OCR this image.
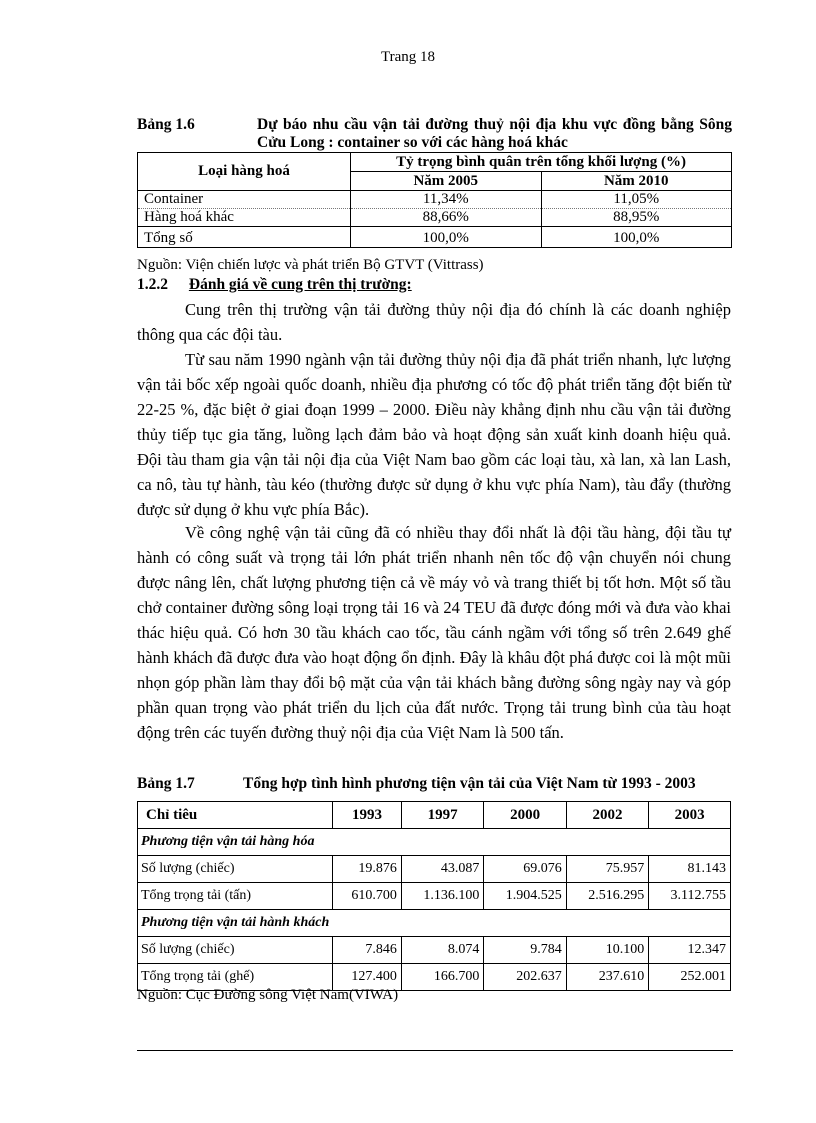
Trang 18
Bảng 1.6	Dự báo nhu cầu vận tải đường thuỷ nội địa khu vực đồng bằng Sông Cửu Long : container so với các hàng hoá khác
Loại hàng hoá	Tỷ trọng bình quân trên tổng khối lượng (%)	
	Năm 2005	Năm 2010
Container	11,34%	11,05%
Hàng hoá khác	88,66%	88,95%
Tổng số	100,0%	100,0%
Nguồn: Viện chiến lược và phát triển Bộ GTVT (Vittrass)
1.2.2 Đánh giá về cung trên thị trường:

Cung trên thị trường vận tải đường thủy nội địa đó chính là các doanh nghiệp thông qua các đội tàu.

Từ sau năm 1990 ngành vận tải đường thủy nội địa đã phát triển nhanh, lực lượng vận tải bốc xếp ngoài quốc doanh, nhiều địa phương có tốc độ phát triển tăng đột biến từ 22-25 %, đặc biệt ở giai đoạn 1999 – 2000. Điều này khẳng định nhu cầu vận tải đường thủy tiếp tục gia tăng, luồng lạch đảm bảo và hoạt động sản xuất kinh doanh hiệu quả. Đội tàu tham gia vận tải nội địa của Việt Nam bao gồm các loại tàu, xà lan, xà lan Lash, ca nô, tàu tự hành, tàu kéo (thường được sử dụng ở khu vực phía Nam), tàu đẩy (thường được sử dụng ở khu vực phía Bắc).

Về công nghệ vận tải cũng đã có nhiều thay đổi nhất là đội tầu hàng, đội tầu tự hành có công suất và trọng tải lớn phát triển nhanh nên tốc độ vận chuyển nói chung được nâng lên, chất lượng phương tiện cả về máy vỏ và trang thiết bị tốt hơn. Một số tầu chở container đường sông loại trọng tải 16 và 24 TEU đã được đóng mới và đưa vào khai thác hiệu quả. Có hơn 30 tầu khách cao tốc, tầu cánh ngầm với tổng số trên 2.649 ghế hành khách đã được đưa vào hoạt động ổn định. Đây là khâu đột phá được coi là một mũi nhọn góp phần làm thay đổi bộ mặt của vận tải khách bằng đường sông ngày nay và góp phần quan trọng vào phát triển du lịch của đất nước. Trọng tải trung bình của tàu hoạt động trên các tuyến đường thuỷ nội địa của Việt Nam là 500 tấn.

Bảng 1.7	Tổng hợp tình hình phương tiện vận tải của Việt Nam từ 1993 - 2003
Chỉ tiêu	1993	1997	2000	2002	2003
Phương tiện vận tải hàng hóa					
Số lượng (chiếc)	19.876	43.087	69.076	75.957	81.143
Tổng trọng tải (tấn)	610.700	1.136.100	1.904.525	2.516.295	3.112.755
Phương tiện vận tải hành khách					
Số lượng (chiếc)	7.846	8.074	9.784	10.100	12.347
Tổng trọng tải (ghế)	127.400	166.700	202.637	237.610	252.001
Nguồn: Cục Đường sông Việt Nam(VIWA)
